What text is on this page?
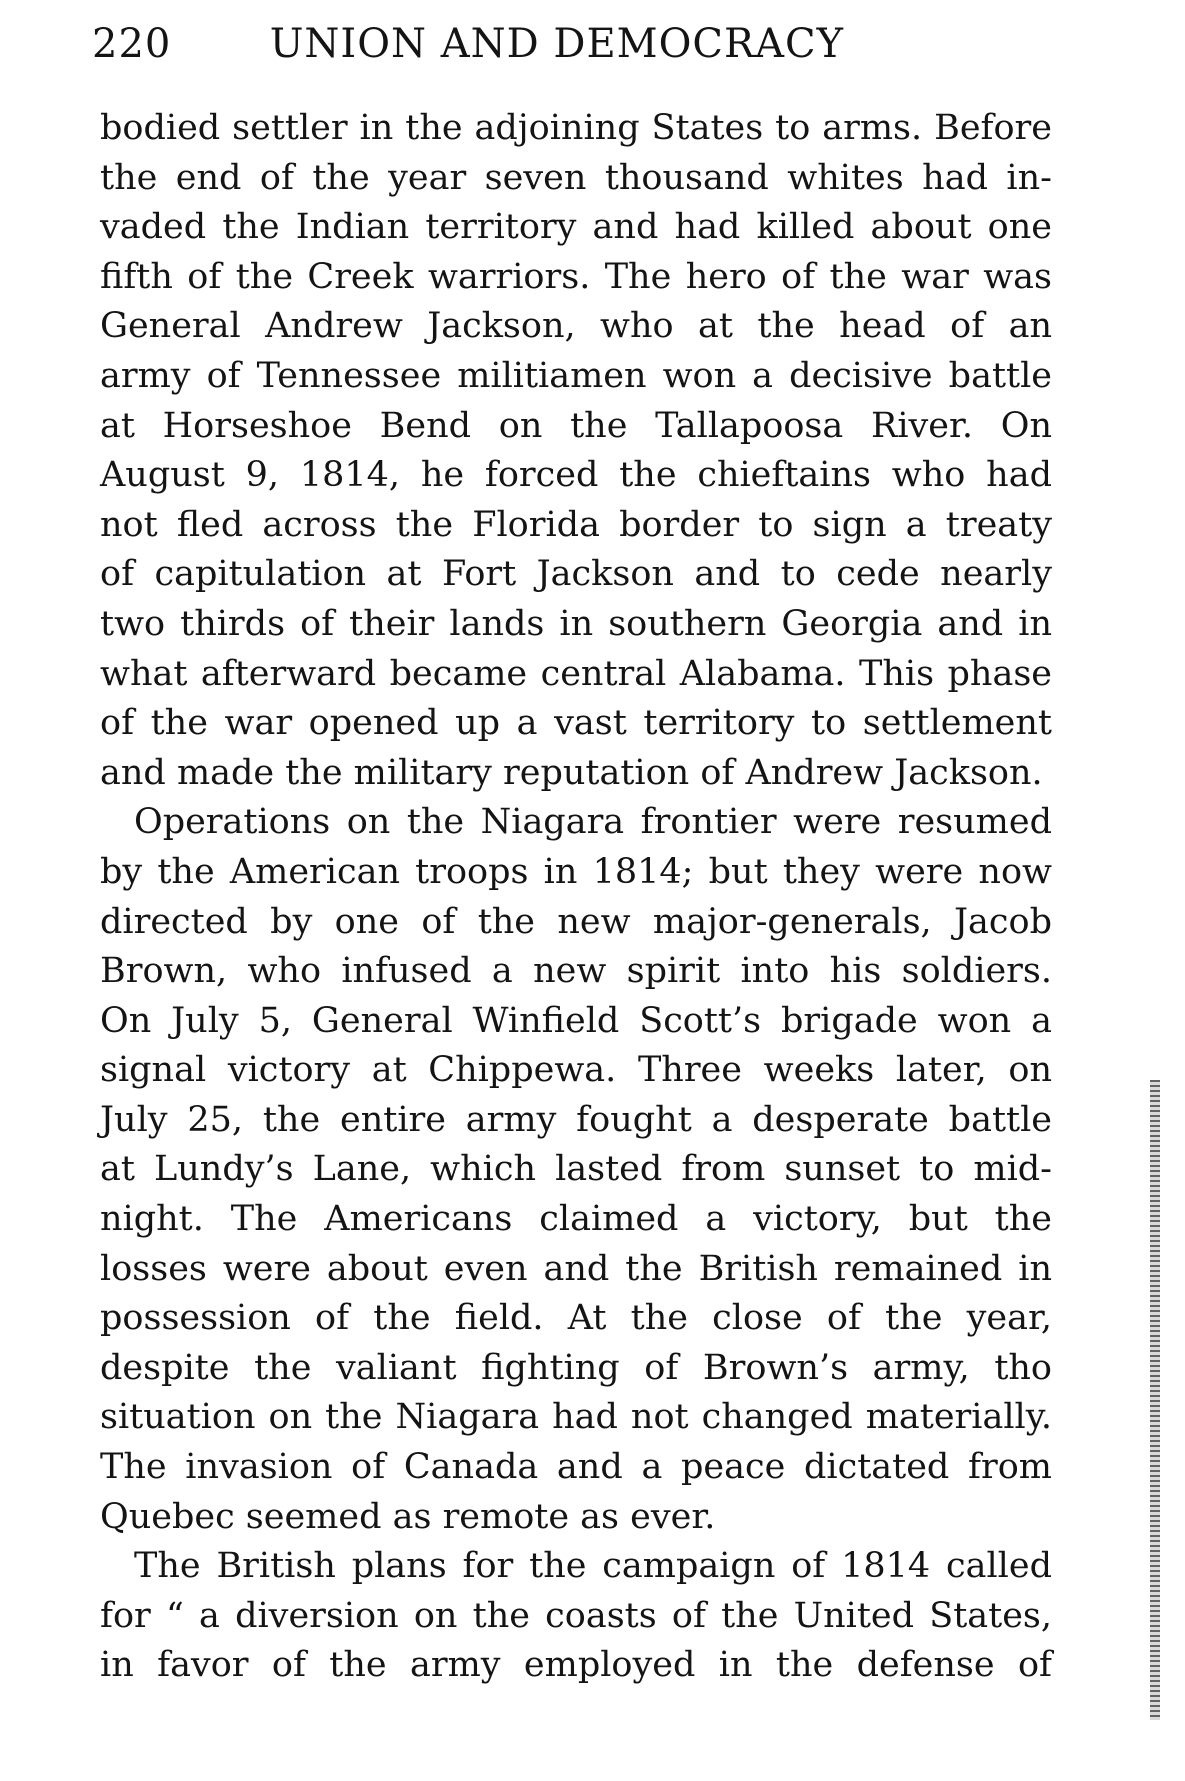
220 UNION AND DEMOCRACY
bodied settler in the adjoining States to arms. Before
the end of the year seven thousand whites had in-
vaded the Indian territory and had killed about one
fifth of the Creek warriors. The hero of the war was
General Andrew Jackson, who at the head of an
army of Tennessee militiamen won a decisive battle
at Horseshoe Bend on the Tallapoosa River. On
August 9, 1814, he forced the chieftains who had
not fled across the Florida border to sign a treaty
of capitulation at Fort Jackson and to cede nearly
two thirds of their lands in southern Georgia and in
what afterward became central Alabama. This phase
of the war opened up a vast territory to settlement
and made the military reputation of Andrew Jackson.
Operations on the Niagara frontier were resumed
by the American troops in 1814; but they were now
directed by one of the new major-generals, Jacob
Brown, who infused a new spirit into his soldiers.
On July 5, General Winfield Scott’s brigade won a
signal victory at Chippewa. Three weeks later, on
July 25, the entire army fought a desperate battle
at Lundy’s Lane, which lasted from sunset to mid-
night. The Americans claimed a victory, but the
losses were about even and the British remained in
possession of the field. At the close of the year,
despite the valiant fighting of Brown’s army, tho
situation on the Niagara had not changed materially.
The invasion of Canada and a peace dictated from
Quebec seemed as remote as ever.
The British plans for the campaign of 1814 called
for “ a diversion on the coasts of the United States,
in favor of the army employed in the defense of
